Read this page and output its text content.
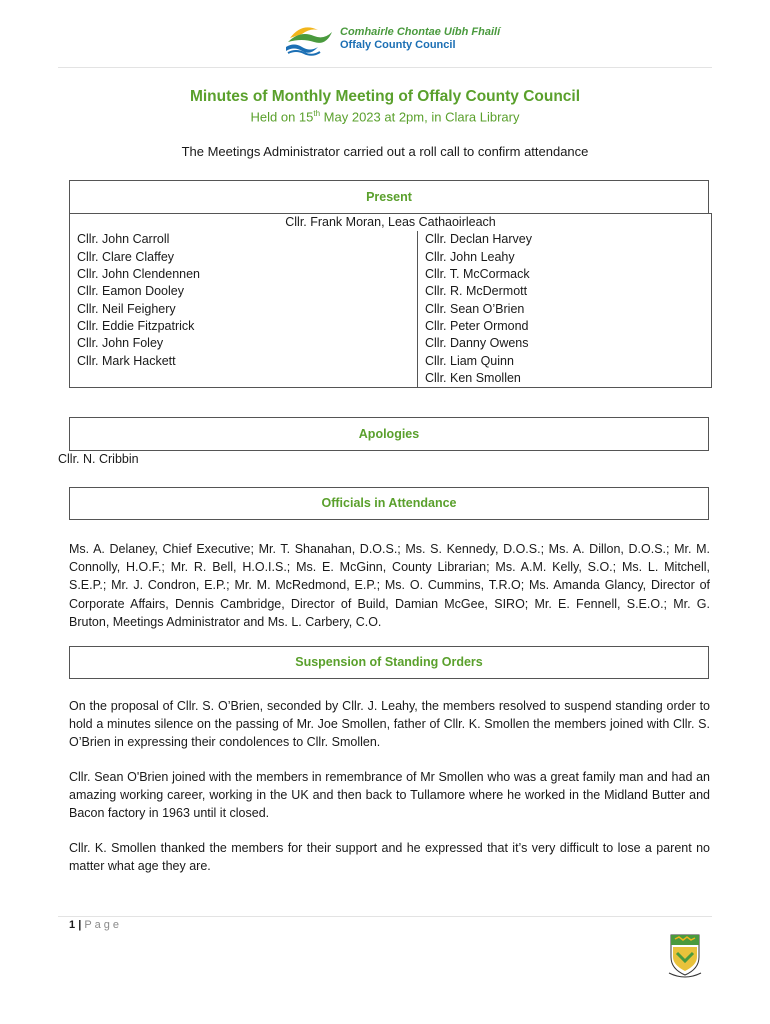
Comhairle Chontae Uíbh Fhailí
Offaly County Council
Minutes of Monthly Meeting of Offaly County Council
Held on 15th May 2023 at 2pm, in Clara Library
The Meetings Administrator carried out a roll call to confirm attendance
Present
Cllr. Frank Moran, Leas Cathaoirleach	
Cllr. John Carroll	Cllr. Declan Harvey
Cllr. Clare Claffey	Cllr. John Leahy
Cllr. John Clendennen	Cllr. T. McCormack
Cllr. Eamon Dooley	Cllr. R. McDermott
Cllr. Neil Feighery	Cllr. Sean O’Brien
Cllr. Eddie Fitzpatrick	Cllr. Peter Ormond
Cllr. John Foley	Cllr. Danny Owens
Cllr. Mark Hackett	Cllr. Liam Quinn
	Cllr. Ken Smollen
Apologies
Cllr. N. Cribbin
Officials in Attendance
Ms. A. Delaney, Chief Executive; Mr. T. Shanahan, D.O.S.; Ms. S. Kennedy, D.O.S.; Ms. A. Dillon, D.O.S.; Mr. M. Connolly, H.O.F.; Mr. R. Bell, H.O.I.S.; Ms. E. McGinn, County Librarian; Ms. A.M. Kelly, S.O.; Ms. L. Mitchell, S.E.P.; Mr. J. Condron, E.P.; Mr. M. McRedmond, E.P.; Ms. O. Cummins, T.R.O; Ms. Amanda Glancy, Director of Corporate Affairs, Dennis Cambridge, Director of Build, Damian McGee, SIRO; Mr. E. Fennell, S.E.O.; Mr. G. Bruton, Meetings Administrator and Ms. L. Carbery, C.O.
Suspension of Standing Orders
On the proposal of Cllr. S. O’Brien, seconded by Cllr. J. Leahy, the members resolved to suspend standing order to hold a minutes silence on the passing of Mr. Joe Smollen, father of Cllr. K. Smollen the members joined with Cllr. S. O’Brien in expressing their condolences to Cllr. Smollen.
Cllr. Sean O'Brien joined with the members in remembrance of Mr Smollen who was a great family man and had an amazing working career, working in the UK and then back to Tullamore where he worked in the Midland Butter and Bacon factory in 1963 until it closed.
Cllr. K. Smollen thanked the members for their support and he expressed that it’s very difficult to lose a parent no matter what age they are.
1 | Page
